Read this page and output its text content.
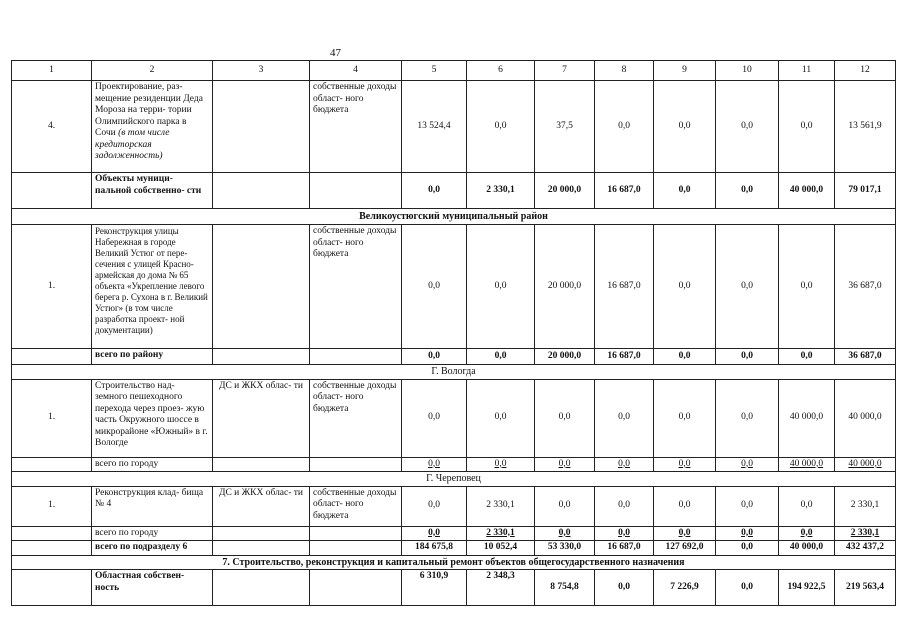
47
1	2	3	4	5	6	7	8	9	10	11	12
4.	Проектирование, раз- мещение резиденции Деда Мороза на терри- тории Олимпийского парка в Сочи (в том числе кредиторская задолженность)		собственные доходы област- ного бюджета	13 524,4	0,0	37,5	0,0	0,0	0,0	0,0	13 561,9
	Объекты муници- пальной собственно- сти			0,0	2 330,1	20 000,0	16 687,0	0,0	0,0	40 000,0	79 017,1
Великоустюгский муниципальный район											
1.	Реконструкция улицы Набережная в городе Великий Устюг от пере- сечения с улицей Красно- армейская до дома № 65 объекта «Укрепление левого берега р. Сухона в г. Великий Устюг» (в том числе разработка проект- ной документации)		собственные доходы област- ного бюджета	0,0	0,0	20 000,0	16 687,0	0,0	0,0	0,0	36 687,0
	всего по району			0,0	0,0	20 000,0	16 687,0	0,0	0,0	0,0	36 687,0
Г. Вологда											
1.	Строительство над- земного пешеходного перехода через проез- жую часть Окружного шоссе в микрорайоне «Южный» в г. Вологде	ДС и ЖКХ облас- ти	собственные доходы област- ного бюджета	0,0	0,0	0,0	0,0	0,0	0,0	40 000,0	40 000,0
	всего по городу			0,0	0,0	0,0	0,0	0,0	0,0	40 000,0	40 000,0
Г. Череповец											
1.	Реконструкция клад- бища № 4	ДС и ЖКХ облас- ти	собственные доходы област- ного бюджета	0,0	2 330,1	0,0	0,0	0,0	0,0	0,0	2 330,1
	всего по городу			0,0	2 330,1	0,0	0,0	0,0	0,0	0,0	2 330,1
	всего по подразделу 6			184 675,8	10 052,4	53 330,0	16 687,0	127 692,0	0,0	40 000,0	432 437,2
7. Строительство, реконструкция и капитальный ремонт объектов общегосударственного назначения											
	Областная собствен- ность			6 310,9	2 348,3	8 754,8	0,0	7 226,9	0,0	194 922,5	219 563,4
